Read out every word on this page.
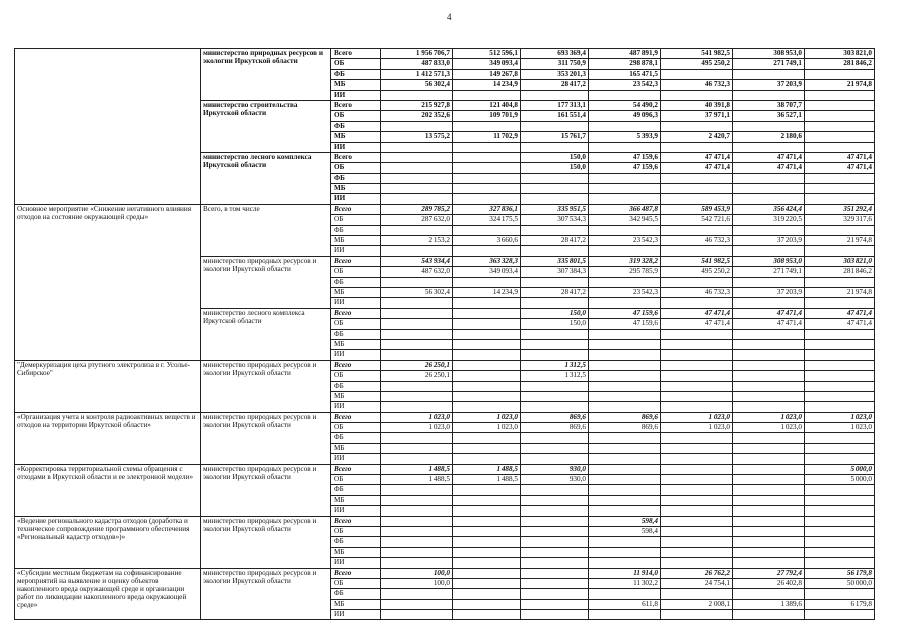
4
	министерство природных ресурсов и экологии Иркутской области	Всего	1 956 706,7	512 596,1	693 369,4	487 891,9	541 982,5	308 953,0	303 821,0
		ОБ	487 833,0	349 093,4	311 750,9	298 878,1	495 250,2	271 749,1	281 846,2
		ФБ	1 412 571,3	149 267,8	353 201,3	165 471,5			
		МБ	56 302,4	14 234,9	28 417,2	23 542,3	46 732,3	37 203,9	21 974,8
		ИИ							
	министерство строительства Иркутской области	Всего	215 927,8	121 404,8	177 313,1	54 490,2	40 391,8	38 707,7	
		ОБ	202 352,6	109 701,9	161 551,4	49 096,3	37 971,1	36 527,1	
		ФБ							
		МБ	13 575,2	11 702,9	15 761,7	5 393,9	2 420,7	2 180,6	
		ИИ							
	министерство лесного комплекса Иркутской области	Всего			150,0	47 159,6	47 471,4	47 471,4	47 471,4
		ОБ			150,0	47 159,6	47 471,4	47 471,4	47 471,4
		ФБ							
		МБ							
		ИИ							
Основное мероприятие «Снижение негативного влияния отходов на состояние окружающей среды»	Всего, в том числе	Всего	289 785,2	327 836,1	335 951,5	366 487,8	589 453,9	356 424,4	351 292,4
		ОБ	287 632,0	324 175,5	307 534,3	342 945,5	542 721,6	319 220,5	329 317,6
		ФБ							
		МБ	2 153,2	3 660,6	28 417,2	23 542,3	46 732,3	37 203,9	21 974,8
		ИИ							
	министерство природных ресурсов и экологии Иркутской области	Всего	543 934,4	363 328,3	335 801,5	319 328,2	541 982,5	308 953,0	303 821,0
		ОБ	487 632,0	349 093,4	307 384,3	295 785,9	495 250,2	271 749,1	281 846,2
		ФБ							
		МБ	56 302,4	14 234,9	28 417,2	23 542,3	46 732,3	37 203,9	21 974,8
		ИИ							
	министерство лесного комплекса Иркутской области	Всего			150,0	47 159,6	47 471,4	47 471,4	47 471,4
		ОБ			150,0	47 159,6	47 471,4	47 471,4	47 471,4
		ФБ							
		МБ							
		ИИ							
"Демеркуризация цеха ртутного электролиза в г. Усолье-Сибирское"	министерство природных ресурсов и экологии Иркутской области	Всего	26 250,1		1 312,5				
		ОБ	26 250,1		1 312,5				
		ФБ							
		МБ							
		ИИ							
«Организация учета и контроля радиоактивных веществ и отходов на территории Иркутской области»	министерство природных ресурсов и экологии Иркутской области	Всего	1 023,0	1 023,0	869,6	869,6	1 023,0	1 023,0	1 023,0
		ОБ	1 023,0	1 023,0	869,6	869,6	1 023,0	1 023,0	1 023,0
		ФБ							
		МБ							
		ИИ							
«Корректировка территориальной схемы обращения с отходами в Иркутской области и ее электронной модели»	министерство природных ресурсов и экологии Иркутской области	Всего	1 488,5	1 488,5	930,0				5 000,0
		ОБ	1 488,5	1 488,5	930,0				5 000,0
		ФБ							
		МБ							
		ИИ							
«Ведение регионального кадастра отходов (доработка и техническое сопровождение программного обеспечения «Региональный кадастр отходов»)»	министерство природных ресурсов и экологии Иркутской области	Всего				598,4			
		ОБ				598,4			
		ФБ							
		МБ							
		ИИ							
«Субсидии местным бюджетам на софинансирование мероприятий на выявление и оценку объектов накопленного вреда окружающей среде и организации работ по ликвидации накопленного вреда окружающей среде»	министерство природных ресурсов и экологии Иркутской области	Всего	100,0			11 914,0	26 762,2	27 792,4	56 179,8
		ОБ	100,0			11 302,2	24 754,1	26 402,8	50 000,0
		ФБ							
		МБ				611,8	2 008,1	1 389,6	6 179,8
		ИИ							
